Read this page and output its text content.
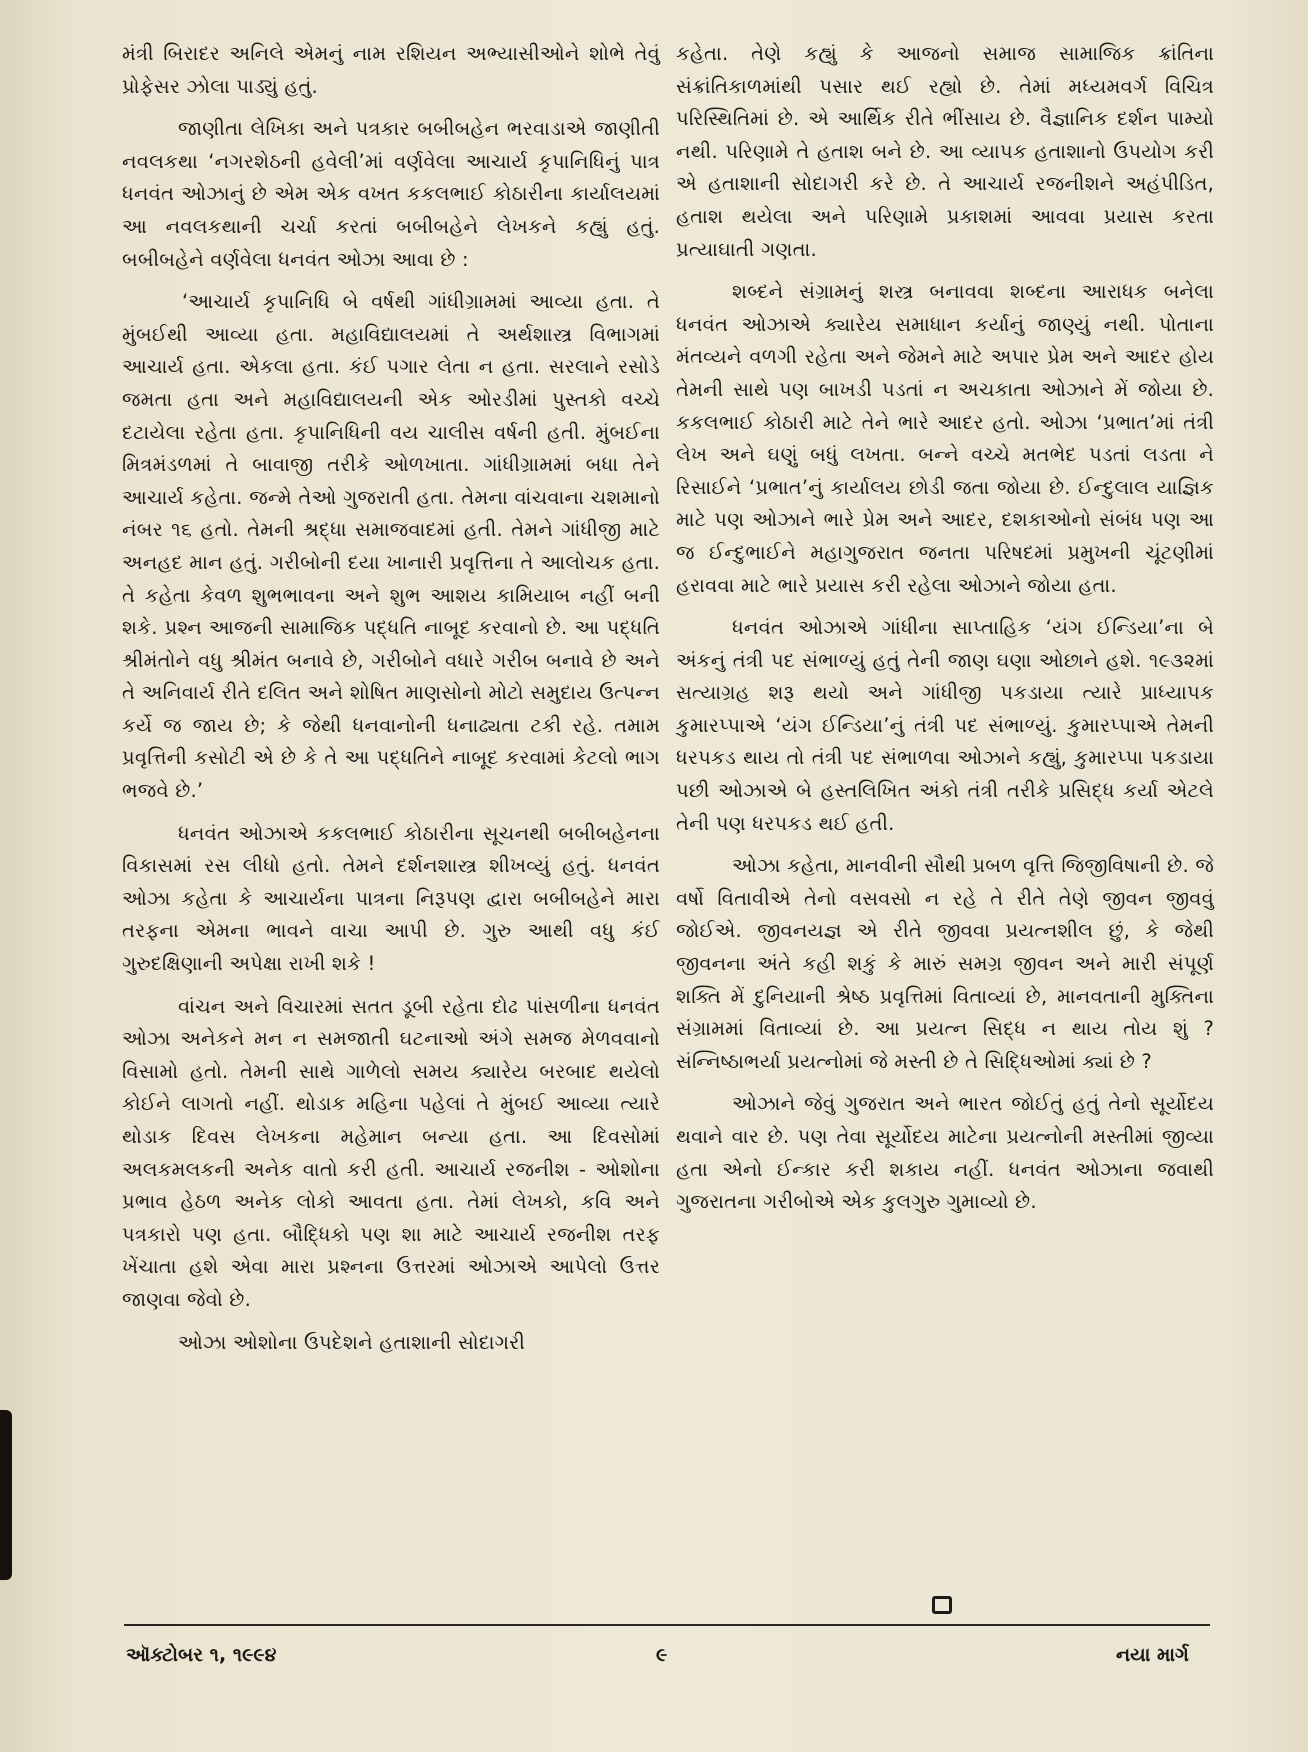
મંત્રી બિરાદર અનિલે એમનું નામ રશિયન અભ્યાસીઓને શોભે તેવું પ્રોફેસર ઝોલા પાડ્યું હતું.

જાણીતા લેખિકા અને પત્રકાર બબીબહેન ભરવાડાએ જાણીતી નવલકથા ‘નગરશેઠની હવેલી’માં વર્ણવેલા આચાર્ય કૃપાનિધિનું પાત્ર ધનવંત ઓઝાનું છે એમ એક વખત કકલભાઈ કોઠારીના કાર્યાલયમાં આ નવલકથાની ચર્ચા કરતાં બબીબહેને લેખકને કહ્યું હતું. બબીબહેને વર્ણવેલા ધનવંત ઓઝા આવા છે :

‘આચાર્ય કૃપાનિધિ બે વર્ષથી ગાંધીગ્રામમાં આવ્યા હતા. તે મુંબઈથી આવ્યા હતા. મહાવિદ્યાલયમાં તે અર્થશાસ્ત્ર વિભાગમાં આચાર્ય હતા. એકલા હતા. કંઈ પગાર લેતા ન હતા. સરલાને રસોડે જમતા હતા અને મહાવિદ્યાલયની એક ઓરડીમાં પુસ્તકો વચ્ચે દટાયેલા રહેતા હતા. કૃપાનિધિની વય ચાલીસ વર્ષની હતી. મુંબઈના મિત્રમંડળમાં તે બાવાજી તરીકે ઓળખાતા. ગાંધીગ્રામમાં બધા તેને આચાર્ય કહેતા. જન્મે તેઓ ગુજરાતી હતા. તેમના વાંચવાના ચશમાનો નંબર ૧૬ હતો. તેમની શ્રદ્ધા સમાજવાદમાં હતી. તેમને ગાંધીજી માટે અનહદ માન હતું. ગરીબોની દયા ખાનારી પ્રવૃત્તિના તે આલોચક હતા. તે કહેતા કેવળ શુભભાવના અને શુભ આશય કામિયાબ નહીં બની શકે. પ્રશ્ન આજની સામાજિક પદ્ધતિ નાબૂદ કરવાનો છે. આ પદ્ધતિ શ્રીમંતોને વધુ શ્રીમંત બનાવે છે, ગરીબોને વધારે ગરીબ બનાવે છે અને તે અનિવાર્ય રીતે દલિત અને શોષિત માણસોનો મોટો સમુદાય ઉત્પન્ન કર્યે જ જાય છે; કે જેથી ધનવાનોની ધનાઢ્યતા ટકી રહે. તમામ પ્રવૃત્તિની કસોટી એ છે કે તે આ પદ્ધતિને નાબૂદ કરવામાં કેટલો ભાગ ભજવે છે.’

ધનવંત ઓઝાએ કકલભાઈ કોઠારીના સૂચનથી બબીબહેનના વિકાસમાં રસ લીધો હતો. તેમને દર્શનશાસ્ત્ર શીખવ્યું હતું. ધનવંત ઓઝા કહેતા કે આચાર્યના પાત્રના નિરૂપણ દ્વારા બબીબહેને મારા તરફના એમના ભાવને વાચા આપી છે. ગુરુ આથી વધુ કંઈ ગુરુદક્ષિણાની અપેક્ષા રાખી શકે !

વાંચન અને વિચારમાં સતત ડૂબી રહેતા દોઢ પાંસળીના ધનવંત ઓઝા અનેકને મન ન સમજાતી ઘટનાઓ અંગે સમજ મેળવવાનો વિસામો હતો. તેમની સાથે ગાળેલો સમય ક્યારેય બરબાદ થયેલો કોઈને લાગતો નહીં. થોડાક મહિના પહેલાં તે મુંબઈ આવ્યા ત્યારે થોડાક દિવસ લેખકના મહેમાન બન્યા હતા. આ દિવસોમાં અલકમલકની અનેક વાતો કરી હતી. આચાર્ય રજનીશ - ઓશોના પ્રભાવ હેઠળ અનેક લોકો આવતા હતા. તેમાં લેખકો, કવિ અને પત્રકારો પણ હતા. બૌદ્ધિકો પણ શા માટે આચાર્ય રજનીશ તરફ ખેંચાતા હશે એવા મારા પ્રશ્નના ઉત્તરમાં ઓઝાએ આપેલો ઉત્તર જાણવા જેવો છે.

ઓઝા ઓશોના ઉપદેશને હતાશાની સોદાગરી

કહેતા. તેણે કહ્યું કે આજનો સમાજ સામાજિક ક્રાંતિના સંક્રાંતિકાળમાંથી પસાર થઈ રહ્યો છે. તેમાં મધ્યમવર્ગ વિચિત્ર પરિસ્થિતિમાં છે. એ આર્થિક રીતે ભીંસાય છે. વૈજ્ઞાનિક દર્શન પામ્યો નથી. પરિણામે તે હતાશ બને છે. આ વ્યાપક હતાશાનો ઉપયોગ કરી એ હતાશાની સોદાગરી કરે છે. તે આચાર્ય રજનીશને અહંપીડિત, હતાશ થયેલા અને પરિણામે પ્રકાશમાં આવવા પ્રયાસ કરતા પ્રત્યાઘાતી ગણતા.

શબ્દને સંગ્રામનું શસ્ત્ર બનાવવા શબ્દના આરાધક બનેલા ધનવંત ઓઝાએ ક્યારેય સમાધાન કર્યાનું જાણ્યું નથી. પોતાના મંતવ્યને વળગી રહેતા અને જેમને માટે અપાર પ્રેમ અને આદર હોય તેમની સાથે પણ બાખડી પડતાં ન અચકાતા ઓઝાને મેં જોયા છે. કકલભાઈ કોઠારી માટે તેને ભારે આદર હતો. ઓઝા ‘પ્રભાત’માં તંત્રી લેખ અને ઘણું બધું લખતા. બન્ને વચ્ચે મતભેદ પડતાં લડતા ને રિસાઈને ‘પ્રભાત’નું કાર્યાલય છોડી જતા જોયા છે. ઈન્દુલાલ યાજ્ઞિક માટે પણ ઓઝાને ભારે પ્રેમ અને આદર, દશકાઓનો સંબંધ પણ આ જ ઈન્દુભાઈને મહાગુજરાત જનતા પરિષદમાં પ્રમુખની ચૂંટણીમાં હરાવવા માટે ભારે પ્રયાસ કરી રહેલા ઓઝાને જોયા હતા.

ધનવંત ઓઝાએ ગાંધીના સાપ્તાહિક ‘યંગ ઈન્ડિયા’ના બે અંકનું તંત્રી પદ સંભાળ્યું હતું તેની જાણ ઘણા ઓછાને હશે. ૧૯૩૨માં સત્યાગ્રહ શરૂ થયો અને ગાંધીજી પકડાયા ત્યારે પ્રાધ્યાપક કુમારપ્પાએ ‘યંગ ઈન્ડિયા’નું તંત્રી પદ સંભાળ્યું. કુમારપ્પાએ તેમની ધરપકડ થાય તો તંત્રી પદ સંભાળવા ઓઝાને કહ્યું, કુમારપ્પા પકડાયા પછી ઓઝાએ બે હસ્તલિખિત અંકો તંત્રી તરીકે પ્રસિદ્ધ કર્યા એટલે તેની પણ ધરપકડ થઈ હતી.

ઓઝા કહેતા, માનવીની સૌથી પ્રબળ વૃત્તિ જિજીવિષાની છે. જે વર્ષો વિતાવીએ તેનો વસવસો ન રહે તે રીતે તેણે જીવન જીવવું જોઈએ. જીવનયજ્ઞ એ રીતે જીવવા પ્રયત્નશીલ છું, કે જેથી જીવનના અંતે કહી શકું કે મારું સમગ્ર જીવન અને મારી સંપૂર્ણ શક્તિ મેં દુનિયાની શ્રેષ્ઠ પ્રવૃત્તિમાં વિતાવ્યાં છે, માનવતાની મુક્તિના સંગ્રામમાં વિતાવ્યાં છે. આ પ્રયત્ન સિદ્ધ ન થાય તોય શું ? સંન્નિષ્ઠાભર્યા પ્રયત્નોમાં જે મસ્તી છે તે સિદ્ધિઓમાં ક્યાં છે ?

ઓઝાને જેવું ગુજરાત અને ભારત જોઈતું હતું તેનો સૂર્યોદય થવાને વાર છે. પણ તેવા સૂર્યોદય માટેના પ્રયત્નોની મસ્તીમાં જીવ્યા હતા એનો ઈન્કાર કરી શકાય નહીં. ધનવંત ઓઝાના જવાથી ગુજરાતના ગરીબોએ એક કુલગુરુ ગુમાવ્યો છે.

ઑક્ટોબર ૧, ૧૯૯૪	૯	નયા માર્ગ
